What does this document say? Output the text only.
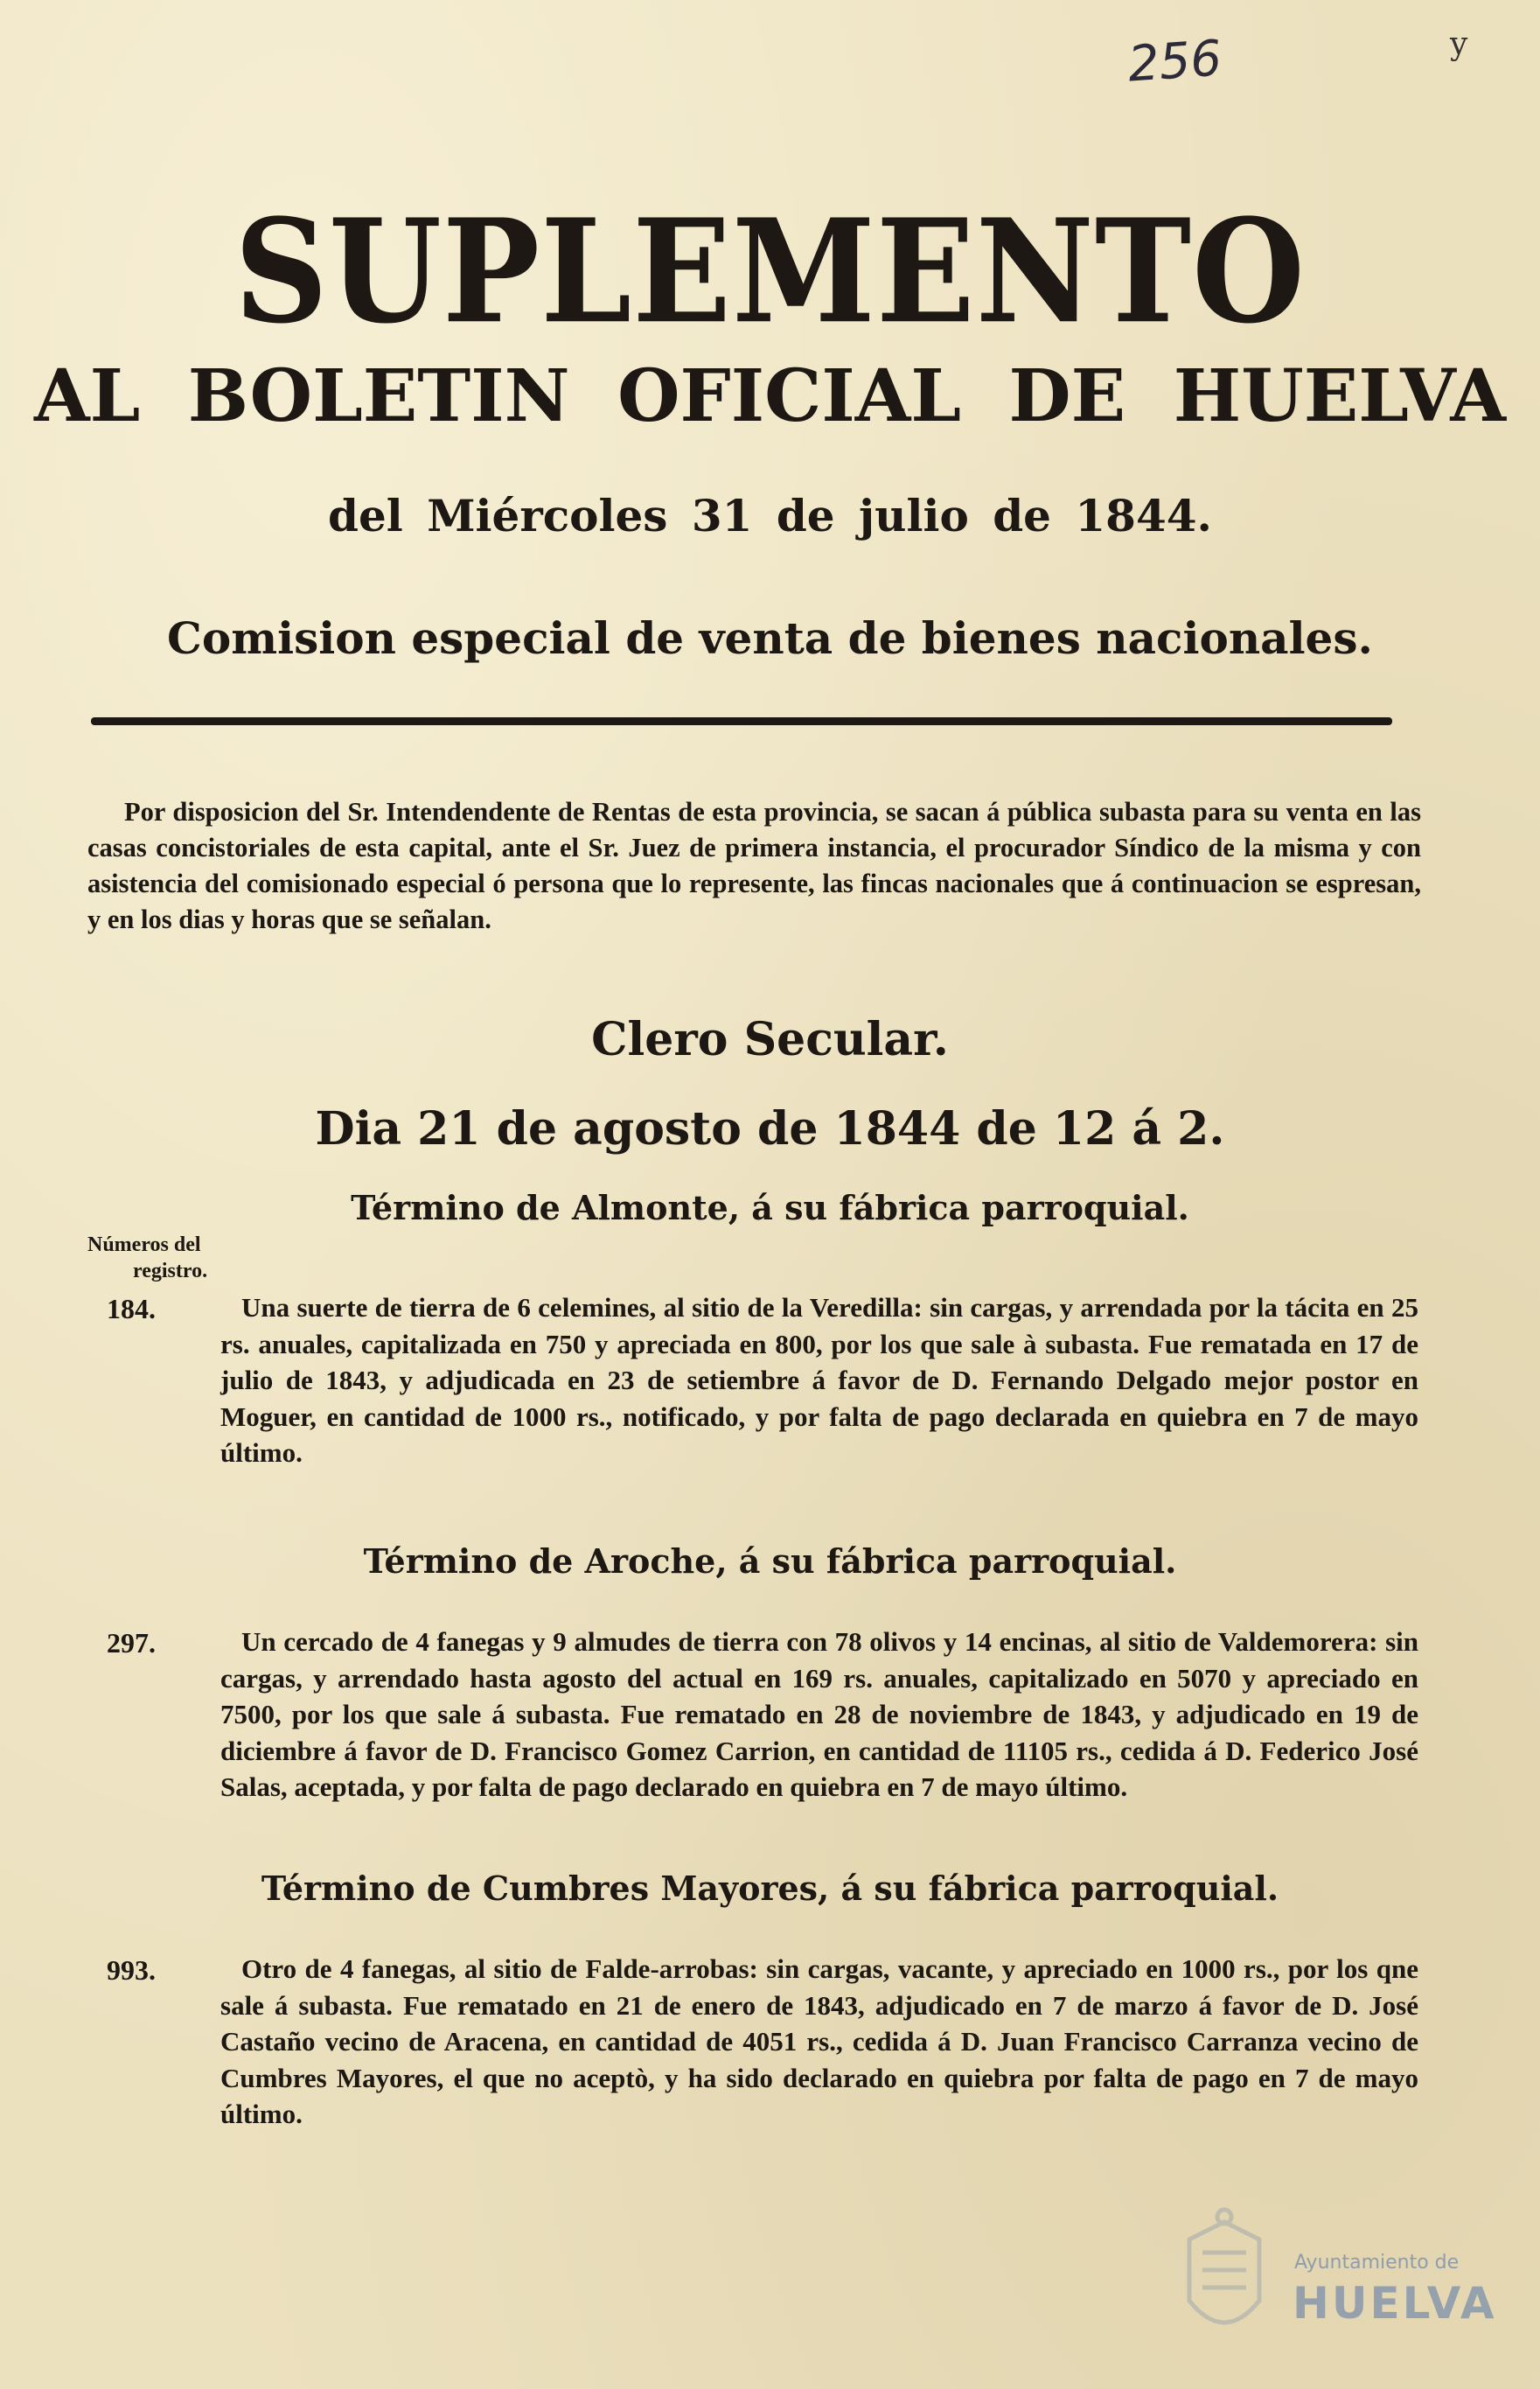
256	y
SUPLEMENTO
AL BOLETIN OFICIAL DE HUELVA
del Miércoles 31 de julio de 1844.
Comision especial de venta de bienes nacionales.
Por disposicion del Sr. Intendendente de Rentas de esta provincia, se sacan á pública subasta para su venta en las casas concistoriales de esta capital, ante el Sr. Juez de primera instancia, el procurador Síndico de la misma y con asistencia del comisionado especial ó persona que lo represente, las fincas nacionales que á continuacion se espresan, y en los dias y horas que se señalan.
Clero Secular.
Dia 21 de agosto de 1844 de 12 á 2.
Término de Almonte, á su fábrica parroquial.
Números del
registro.
184.	Una suerte de tierra de 6 celemines, al sitio de la Veredilla: sin cargas, y arrendada por la tácita en 25 rs. anuales, capitalizada en 750 y apreciada en 800, por los que sale à subasta. Fue rematada en 17 de julio de 1843, y adjudicada en 23 de setiembre á favor de D. Fernando Delgado mejor postor en Moguer, en cantidad de 1000 rs., notificado, y por falta de pago declarada en quiebra en 7 de mayo último.
Término de Aroche, á su fábrica parroquial.
297.	Un cercado de 4 fanegas y 9 almudes de tierra con 78 olivos y 14 encinas, al sitio de Valdemorera: sin cargas, y arrendado hasta agosto del actual en 169 rs. anuales, capitalizado en 5070 y apreciado en 7500, por los que sale á subasta. Fue rematado en 28 de noviembre de 1843, y adjudicado en 19 de diciembre á favor de D. Francisco Gomez Carrion, en cantidad de 11105 rs., cedida á D. Federico José Salas, aceptada, y por falta de pago declarado en quiebra en 7 de mayo último.
Término de Cumbres Mayores, á su fábrica parroquial.
993.	Otro de 4 fanegas, al sitio de Falde-arrobas: sin cargas, vacante, y apreciado en 1000 rs., por los qne sale á subasta. Fue rematado en 21 de enero de 1843, adjudicado en 7 de marzo á favor de D. José Castaño vecino de Aracena, en cantidad de 4051 rs., cedida á D. Juan Francisco Carranza vecino de Cumbres Mayores, el que no aceptò, y ha sido declarado en quiebra por falta de pago en 7 de mayo último.
Ayuntamiento de
HUELVA
